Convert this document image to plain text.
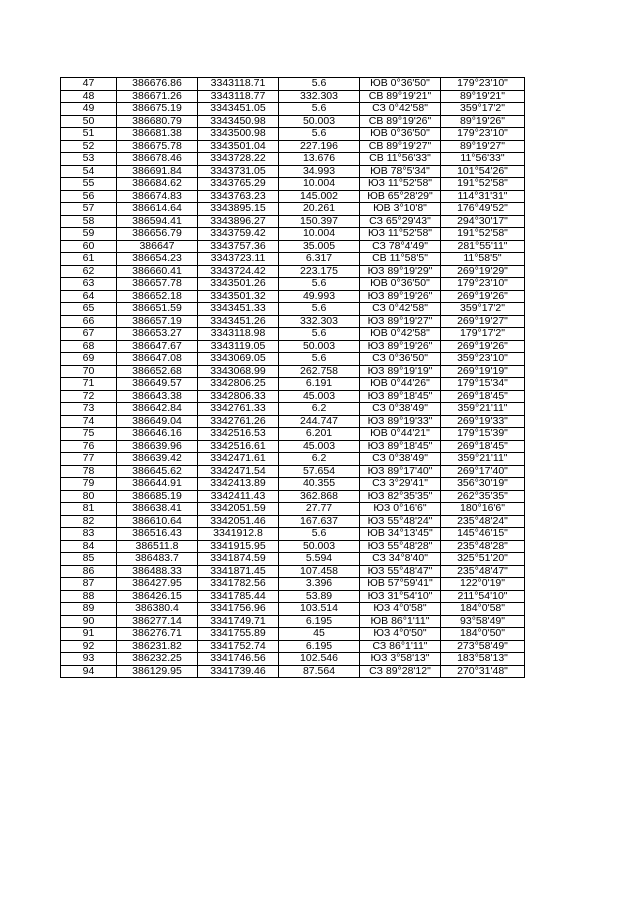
47	386676.86	3343118.71	5.6	ЮВ 0°36'50"	179°23'10"
48	386671.26	3343118.77	332.303	СВ 89°19'21"	89°19'21"
49	386675.19	3343451.05	5.6	СЗ 0°42'58"	359°17'2"
50	386680.79	3343450.98	50.003	СВ 89°19'26"	89°19'26"
51	386681.38	3343500.98	5.6	ЮВ 0°36'50"	179°23'10"
52	386675.78	3343501.04	227.196	СВ 89°19'27"	89°19'27"
53	386678.46	3343728.22	13.676	СВ 11°56'33"	11°56'33"
54	386691.84	3343731.05	34.993	ЮВ 78°5'34"	101°54'26"
55	386684.62	3343765.29	10.004	ЮЗ 11°52'58"	191°52'58"
56	386674.83	3343763.23	145.002	ЮВ 65°28'29"	114°31'31"
57	386614.64	3343895.15	20.261	ЮВ 3°10'8"	176°49'52"
58	386594.41	3343896.27	150.397	СЗ 65°29'43"	294°30'17"
59	386656.79	3343759.42	10.004	ЮЗ 11°52'58"	191°52'58"
60	386647	3343757.36	35.005	СЗ 78°4'49"	281°55'11"
61	386654.23	3343723.11	6.317	СВ 11°58'5"	11°58'5"
62	386660.41	3343724.42	223.175	ЮЗ 89°19'29"	269°19'29"
63	386657.78	3343501.26	5.6	ЮВ 0°36'50"	179°23'10"
64	386652.18	3343501.32	49.993	ЮЗ 89°19'26"	269°19'26"
65	386651.59	3343451.33	5.6	СЗ 0°42'58"	359°17'2"
66	386657.19	3343451.26	332.303	ЮЗ 89°19'27"	269°19'27"
67	386653.27	3343118.98	5.6	ЮВ 0°42'58"	179°17'2"
68	386647.67	3343119.05	50.003	ЮЗ 89°19'26"	269°19'26"
69	386647.08	3343069.05	5.6	СЗ 0°36'50"	359°23'10"
70	386652.68	3343068.99	262.758	ЮЗ 89°19'19"	269°19'19"
71	386649.57	3342806.25	6.191	ЮВ 0°44'26"	179°15'34"
72	386643.38	3342806.33	45.003	ЮЗ 89°18'45"	269°18'45"
73	386642.84	3342761.33	6.2	СЗ 0°38'49"	359°21'11"
74	386649.04	3342761.26	244.747	ЮЗ 89°19'33"	269°19'33"
75	386646.16	3342516.53	6.201	ЮВ 0°44'21"	179°15'39"
76	386639.96	3342516.61	45.003	ЮЗ 89°18'45"	269°18'45"
77	386639.42	3342471.61	6.2	СЗ 0°38'49"	359°21'11"
78	386645.62	3342471.54	57.654	ЮЗ 89°17'40"	269°17'40"
79	386644.91	3342413.89	40.355	СЗ 3°29'41"	356°30'19"
80	386685.19	3342411.43	362.868	ЮЗ 82°35'35"	262°35'35"
81	386638.41	3342051.59	27.77	ЮЗ 0°16'6"	180°16'6"
82	386610.64	3342051.46	167.637	ЮЗ 55°48'24"	235°48'24"
83	386516.43	3341912.8	5.6	ЮВ 34°13'45"	145°46'15"
84	386511.8	3341915.95	50.003	ЮЗ 55°48'28"	235°48'28"
85	386483.7	3341874.59	5.594	СЗ 34°8'40"	325°51'20"
86	386488.33	3341871.45	107.458	ЮЗ 55°48'47"	235°48'47"
87	386427.95	3341782.56	3.396	ЮВ 57°59'41"	122°0'19"
88	386426.15	3341785.44	53.89	ЮЗ 31°54'10"	211°54'10"
89	386380.4	3341756.96	103.514	ЮЗ 4°0'58"	184°0'58"
90	386277.14	3341749.71	6.195	ЮВ 86°1'11"	93°58'49"
91	386276.71	3341755.89	45	ЮЗ 4°0'50"	184°0'50"
92	386231.82	3341752.74	6.195	СЗ 86°1'11"	273°58'49"
93	386232.25	3341746.56	102.546	ЮЗ 3°58'13"	183°58'13"
94	386129.95	3341739.46	87.564	СЗ 89°28'12"	270°31'48"
